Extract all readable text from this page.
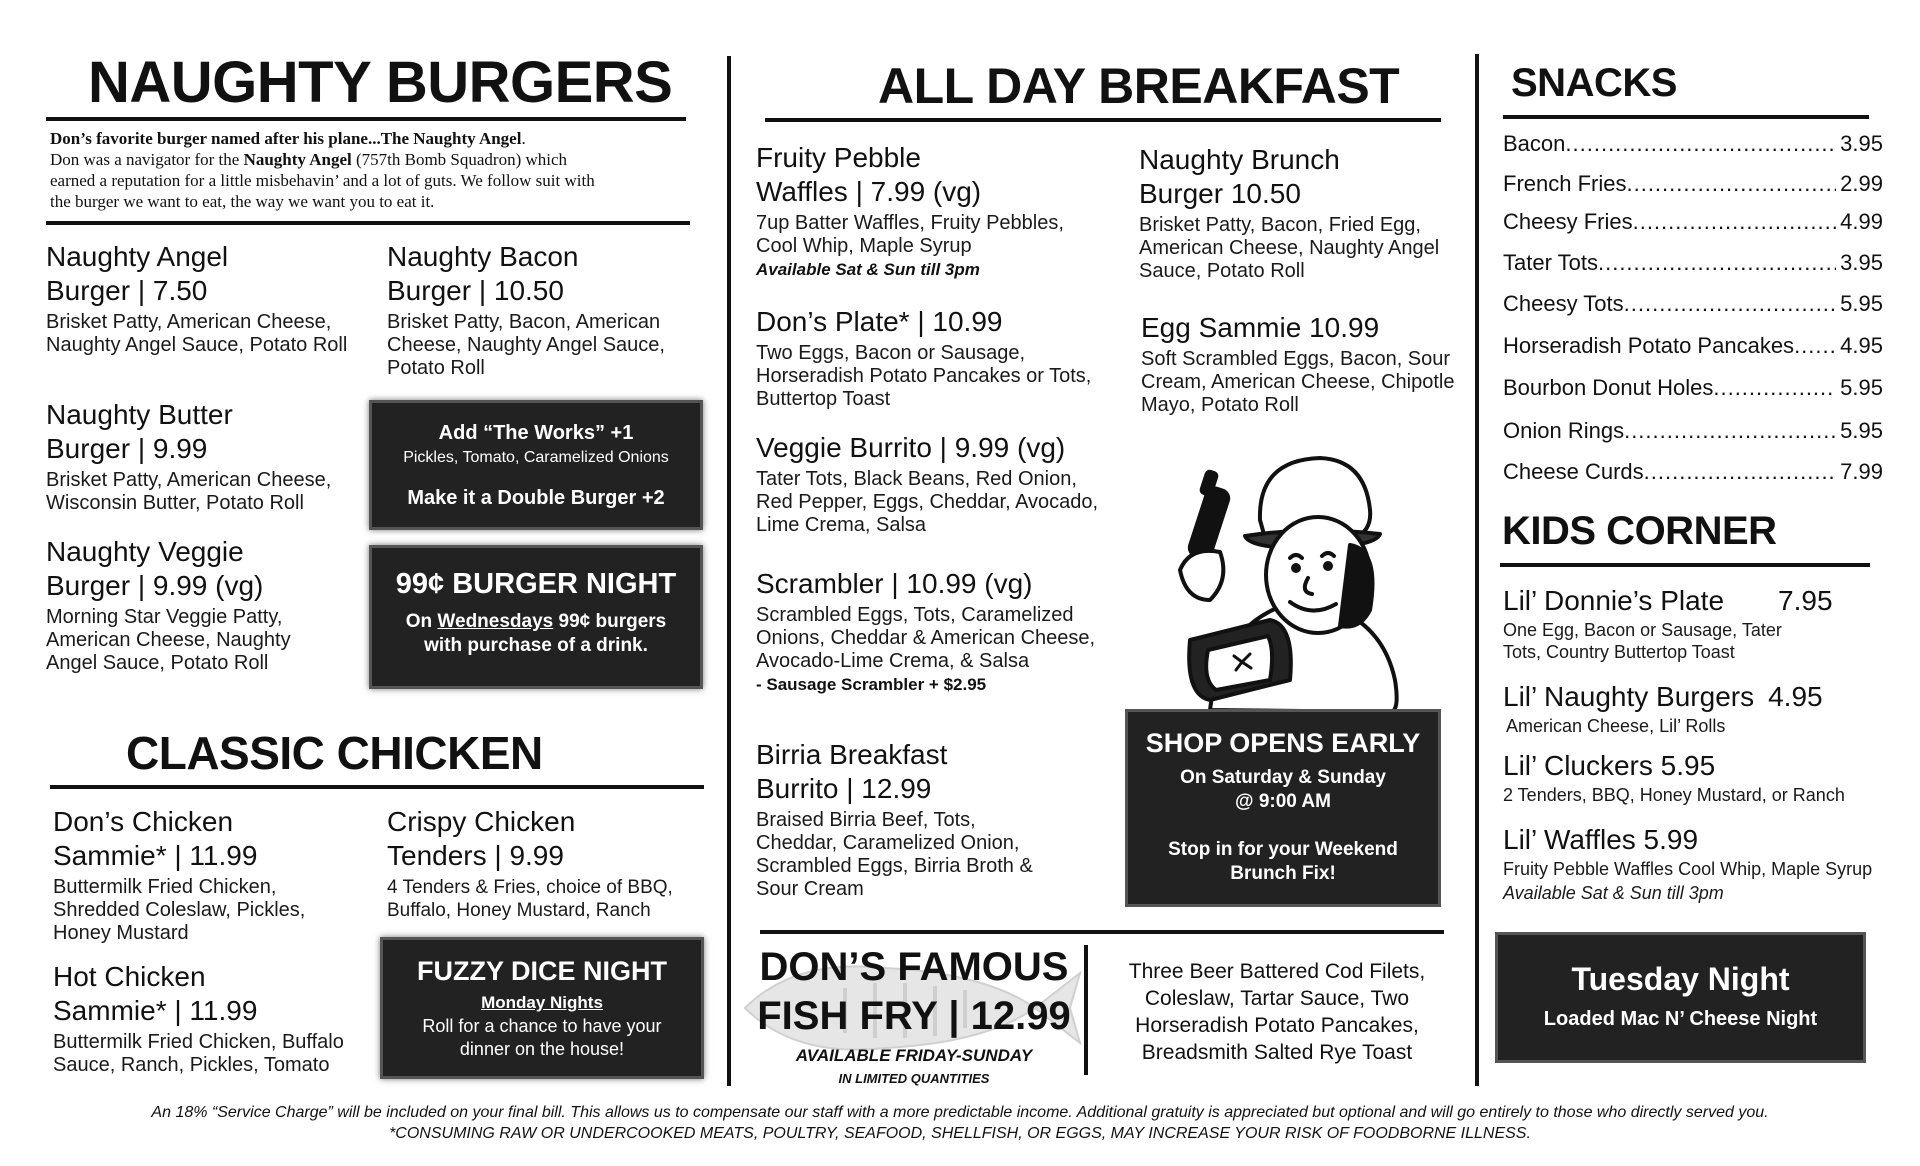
NAUGHTY BURGERS
Don’s favorite burger named after his plane...The Naughty Angel.
Don was a navigator for the Naughty Angel (757th Bomb Squadron) which
earned a reputation for a little misbehavin’ and a lot of guts. We follow suit with
the burger we want to eat, the way we want you to eat it.
Naughty Angel
Burger | 7.50
Brisket Patty, American Cheese, Naughty Angel Sauce, Potato Roll
Naughty Bacon
Burger | 10.50
Brisket Patty, Bacon, American Cheese, Naughty Angel Sauce, Potato Roll
Naughty Butter
Burger | 9.99
Brisket Patty, American Cheese, Wisconsin Butter, Potato Roll
Naughty Veggie
Burger | 9.99 (vg)
Morning Star Veggie Patty, American Cheese, Naughty Angel Sauce, Potato Roll
Add “The Works” +1
Pickles, Tomato, Caramelized Onions
Make it a Double Burger +2
99¢ BURGER NIGHT
On Wednesdays 99¢ burgers
with purchase of a drink.
CLASSIC CHICKEN
Don’s Chicken
Sammie* | 11.99
Buttermilk Fried Chicken, Shredded Coleslaw, Pickles, Honey Mustard
Crispy Chicken
Tenders | 9.99
4 Tenders & Fries, choice of BBQ, Buffalo, Honey Mustard, Ranch
Hot Chicken
Sammie* | 11.99
Buttermilk Fried Chicken, Buffalo Sauce, Ranch, Pickles, Tomato
FUZZY DICE NIGHT
Monday Nights
Roll for a chance to have your
dinner on the house!
ALL DAY BREAKFAST
Fruity Pebble
Waffles | 7.99 (vg)
7up Batter Waffles, Fruity Pebbles, Cool Whip, Maple Syrup
Available Sat & Sun till 3pm
Don’s Plate* | 10.99
Two Eggs, Bacon or Sausage, Horseradish Potato Pancakes or Tots, Buttertop Toast
Veggie Burrito | 9.99 (vg)
Tater Tots, Black Beans, Red Onion, Red Pepper, Eggs, Cheddar, Avocado, Lime Crema, Salsa
Scrambler | 10.99 (vg)
Scrambled Eggs, Tots, Caramelized Onions, Cheddar & American Cheese, Avocado-Lime Crema, & Salsa
- Sausage Scrambler + $2.95
Birria Breakfast
Burrito | 12.99
Braised Birria Beef, Tots, Cheddar, Caramelized Onion, Scrambled Eggs, Birria Broth & Sour Cream
Naughty Brunch
Burger 10.50
Brisket Patty, Bacon, Fried Egg, American Cheese, Naughty Angel Sauce, Potato Roll
Egg Sammie 10.99
Soft Scrambled Eggs, Bacon, Sour Cream, American Cheese, Chipotle Mayo, Potato Roll
SHOP OPENS EARLY
On Saturday & Sunday
@ 9:00 AM
Stop in for your Weekend
Brunch Fix!
DON’S FAMOUS
FISH FRY | 12.99
AVAILABLE FRIDAY-SUNDAY
IN LIMITED QUANTITIES
Three Beer Battered Cod Filets,
Coleslaw, Tartar Sauce, Two
Horseradish Potato Pancakes,
Breadsmith Salted Rye Toast
SNACKS
Bacon .....	3.95
French Fries .....	2.99
Cheesy Fries .....	4.99
Tater Tots .....	3.95
Cheesy Tots .....	5.95
Horseradish Potato Pancakes ..... 4.95
Bourbon Donut Holes .....	5.95
Onion Rings .....	5.95
Cheese Curds .....	7.99
KIDS CORNER
Lil’ Donnie’s Plate 7.95
One Egg, Bacon or Sausage, Tater Tots, Country Buttertop Toast
Lil’ Naughty Burgers 4.95
American Cheese, Lil’ Rolls
Lil’ Cluckers 5.95
2 Tenders, BBQ, Honey Mustard, or Ranch
Lil’ Waffles 5.99
Fruity Pebble Waffles Cool Whip, Maple Syrup
Available Sat & Sun till 3pm
Tuesday Night
Loaded Mac N’ Cheese Night
An 18% “Service Charge” will be included on your final bill. This allows us to compensate our staff with a more predictable income. Additional gratuity is appreciated but optional and will go entirely to those who directly served you.
*CONSUMING RAW OR UNDERCOOKED MEATS, POULTRY, SEAFOOD, SHELLFISH, OR EGGS, MAY INCREASE YOUR RISK OF FOODBORNE ILLNESS.
